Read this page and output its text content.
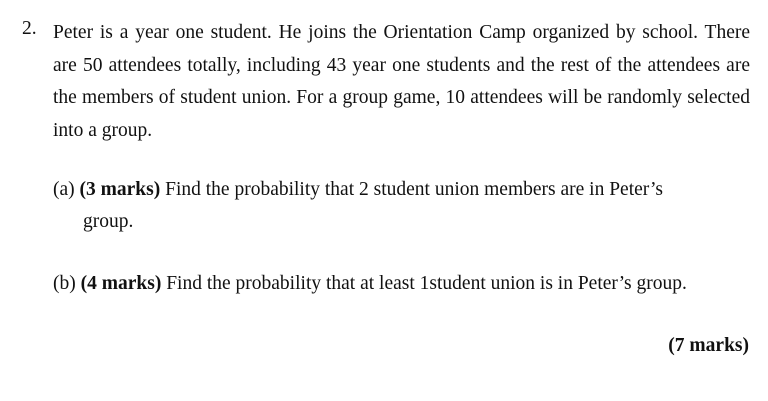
2. Peter is a year one student. He joins the Orientation Camp organized by school. There are 50 attendees totally, including 43 year one students and the rest of the attendees are the members of student union. For a group game, 10 attendees will be randomly selected into a group.
(a) (3 marks) Find the probability that 2 student union members are in Peter’s
group.
(b) (4 marks) Find the probability that at least 1student union is in Peter’s group.
(7 marks)
